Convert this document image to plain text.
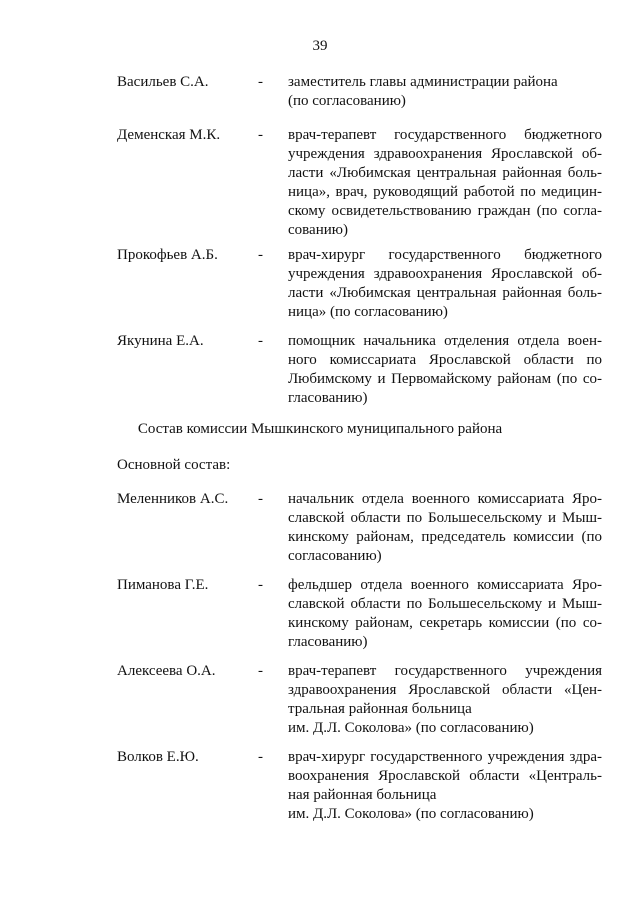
39
Васильев С.А.	- заместитель главы администрации района
(по согласованию)
Деменская М.К.	- врач-терапевт государственного бюджетного
учреждения здравоохранения Ярославской об-
ласти «Любимская центральная районная боль-
ница», врач, руководящий работой по медицин-
скому освидетельствованию граждан (по согла-
сованию)
Прокофьев А.Б.	- врач-хирург государственного бюджетного
учреждения здравоохранения Ярославской об-
ласти «Любимская центральная районная боль-
ница» (по согласованию)
Якунина Е.А.	- помощник начальника отделения отдела воен-
ного комиссариата Ярославской области по
Любимскому и Первомайскому районам (по со-
гласованию)
Состав комиссии Мышкинского муниципального района
Основной состав:
Меленников А.С. - начальник отдела военного комиссариата Яро-
славской области по Большесельскому и Мыш-
кинскому районам, председатель комиссии (по
согласованию)
Пиманова Г.Е.	- фельдшер отдела военного комиссариата Яро-
славской области по Большесельскому и Мыш-
кинскому районам, секретарь комиссии (по со-
гласованию)
Алексеева О.А.	- врач-терапевт государственного учреждения
здравоохранения Ярославской области «Цен-
тральная районная больница
им. Д.Л. Соколова» (по согласованию)
Волков Е.Ю.	- врач-хирург государственного учреждения здра-
воохранения Ярославской области «Централь-
ная районная больница
им. Д.Л. Соколова» (по согласованию)
